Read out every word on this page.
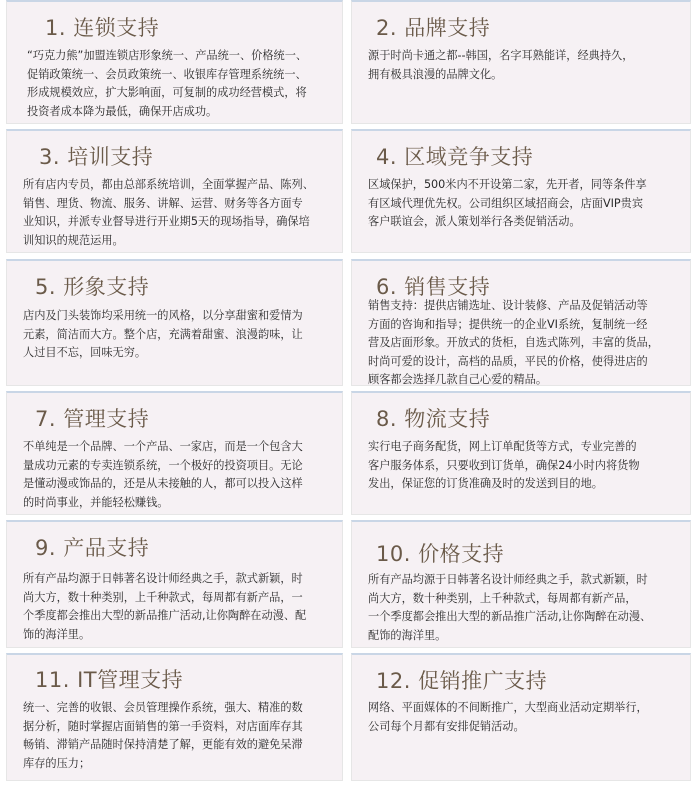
1. 连锁支持
“巧克力熊”加盟连锁店形象统一、产品统一、价格统一、
促销政策统一、会员政策统一、收银库存管理系统统一、
形成规模效应，扩大影响面，可复制的成功经营模式，将
投资者成本降为最低，确保开店成功。
2. 品牌支持
源于时尚卡通之都--韩国，名字耳熟能详，经典持久，
拥有极具浪漫的品牌文化。
3. 培训支持
所有店内专员，都由总部系统培训，全面掌握产品、陈列、
销售、理货、物流、服务、讲解、运营、财务等各方面专
业知识，并派专业督导进行开业期5天的现场指导，确保培
训知识的规范运用。
4. 区域竞争支持
区域保护，500米内不开设第二家，先开者，同等条件享
有区域代理优先权。公司组织区域招商会，店面VIP贵宾
客户联谊会，派人策划举行各类促销活动。
5. 形象支持
店内及门头装饰均采用统一的风格，以分享甜蜜和爱情为
元素，简洁而大方。整个店，充满着甜蜜、浪漫韵味，让
人过目不忘，回味无穷。
6. 销售支持
销售支持：提供店铺选址、设计装修、产品及促销活动等
方面的咨询和指导；提供统一的企业VI系统，复制统一经
营及店面形象。开放式的货柜，自选式陈列，丰富的货品，
时尚可爱的设计，高档的品质，平民的价格，使得进店的
顾客都会选择几款自己心爱的精品。
7. 管理支持
不单纯是一个品牌、一个产品、一家店，而是一个包含大
量成功元素的专卖连锁系统，一个极好的投资项目。无论
是懂动漫或饰品的，还是从未接触的人，都可以投入这样
的时尚事业，并能轻松赚钱。
8. 物流支持
实行电子商务配货，网上订单配货等方式，专业完善的
客户服务体系，只要收到订货单，确保24小时内将货物
发出，保证您的订货准确及时的发送到目的地。
9. 产品支持
所有产品均源于日韩著名设计师经典之手，款式新颖，时
尚大方，数十种类别，上千种款式，每周都有新产品，一
个季度都会推出大型的新品推广活动,让你陶醉在动漫、配
饰的海洋里。
10. 价格支持
所有产品均源于日韩著名设计师经典之手，款式新颖，时
尚大方，数十种类别，上千种款式，每周都有新产品，
一个季度都会推出大型的新品推广活动,让你陶醉在动漫、
配饰的海洋里。
11. IT管理支持
统一、完善的收银、会员管理操作系统，强大、精准的数
据分析，随时掌握店面销售的第一手资料，对店面库存其
畅销、滞销产品随时保持清楚了解，更能有效的避免呆滞
库存的压力；
12. 促销推广支持
网络、平面媒体的不间断推广，大型商业活动定期举行，
公司每个月都有安排促销活动。
